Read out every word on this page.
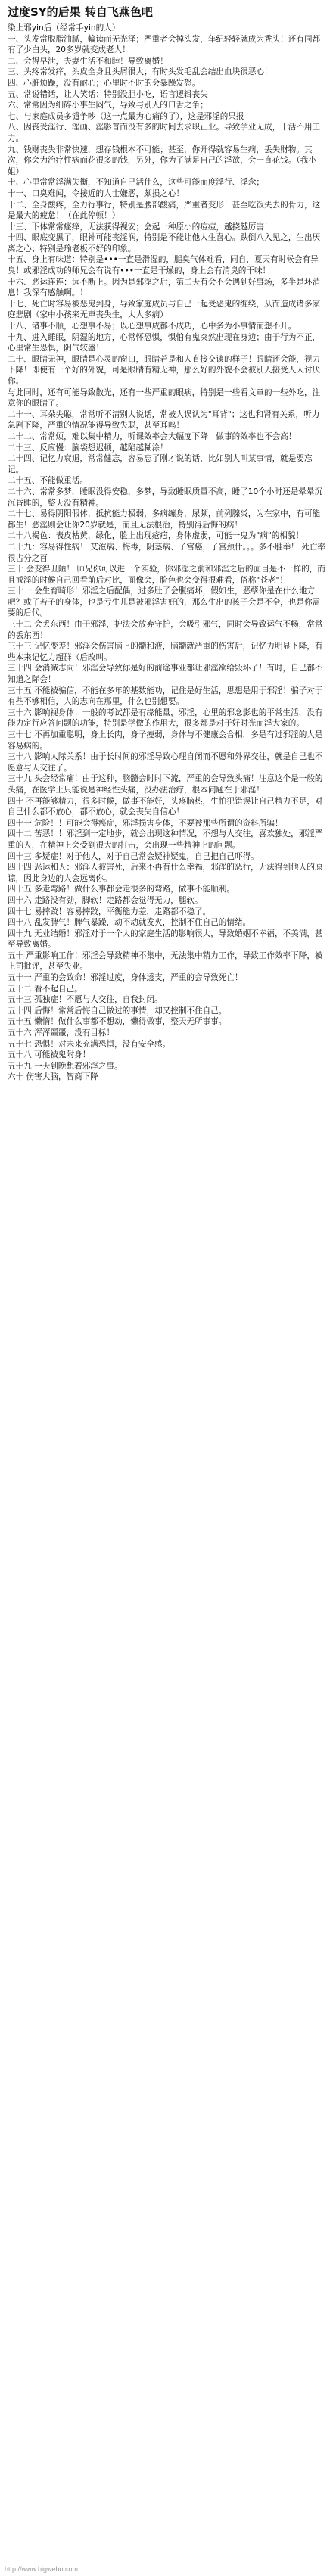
过度SY的后果 转自飞燕色吧

染上邪yin后（经常手yin的人）

一、头发常脱脂油腻，輪读而无光泽；严重者会掉头发，年纪轻轻就成为秃头！还有同都有了少白头，20多岁就变成老人！

二、会得早泄，夫妻生活不和睦！导致离婚！

三、头疼常发痒，头皮全身且头屑很大；有时头发毛乱会结出血块很恶心！

四、心脏烦躁，没有耐心；心里时不时的会暴躁发怒。

五、常说错话，让人笑话；特别没胆小吃，语言逻辑丧失！

六、常常因为细碎小事生闷气，导致与别人的口舌之争；

七、与家庭成员多谴争吵（这一点最为心痛的了），这是邪淫的果报

八、因丧受淫行、淫画、淫影普而没有多的时间去求职正业。导致学业无成，干活不用工力。

九、钱财丧失非常快速，想存钱根本不可能；甚至，你开得就容易生病，丢失财物。其次，你会为治疗性病而花很多的钱，另外，你为了满足自己的淫欲，会一直花钱。（我小姐）

十、心里常常淫满失衡，不知道自己活什么，这些可能而度淫行、淫念；

十一、口臭难闻，令接近的人士嫌恶，颇损之心！

十二、全身酸疼，全力行事行，特别是腰部酸痛，严重者变形！甚至吃饭失去的骨力，这是最大的疲惫！（在此停顿！）

十三、下体常常瘙痒，无法获得视安；会起一种原小的痘痘，越挠越厉害！

十四、眼底变黑了，眼神可能丧淫润，特别是不能让他人生喜心。跌倒八入见之，生出厌离之心；特别是瑜老板不好的印象。

十五、身上有味道：特别是•••一直是滑湿的，腿臭气体难看，同自，夏天有时候会有异臭！或邪淫成功的师兄会有说有•••一直是干燥的，身上会有清臭的干味！

十六、恶运连连：远不断上。因为是邪淫之后，第二天有会不会遇到好事场，多半是坏消息！我深有感触啊。！

十七、死亡时容易被恶鬼到身，导致家庭成员与自己一起受恶鬼的缠绕，从而造成诸多家庭悲剧（家中小孩来无声丧失生，大人多病）！

十八、诸事不顺，心想事不易；以心想事成都不成功，心中多为小事情而想不开。

十九、进入睡眠，阴湿的地方，心常怀恐惧，惧怕有鬼突然出现在身边；由于行为不正，心里常生恐惧，阴气较盛！

二十、眼睛无神，眼睛是心灵的窗口，眼睛若是和人直接交谈的样子！眼睛还会能，视力下降！即使有一个好的外貌，可是眼睛有精无神，那么好的外貌不会被别人接受人人讨厌你。

与此同时，还有可能导致散光，还有一些严重的眼病，特别是一些看文章的一些外吃，注意你的眼睛了。

二十一、耳朵失聪，常常听不清别人说话，常被人误认为"耳背"；这也和肾有关系，听力急剧下降，严重的情况能得导致失聪，甚至耳鸣！

二十二、常常烦，难以集中精力，听课效率会大幅度下降！做事的效率也不会高！

二十三、反应慢：脑袋想迟顿，越陷越糊涂！

二十四、记忆力衰退，常常健忘，容易忘了刚才说的话，比如别人叫某事情，就是要忘记。

二十五、不能做重活。

二十六、常常多梦，睡眠没得安稳，多梦，导致睡眠质量不高，睡了10个小时还是晕晕沉沉昏睡的，整天没有精神。

二十七、易得阴阳假体，抵抗能力极弱，多病缠身，尿频，前列腺炎，为在家中，有可能都生！恶淫则会让你20岁就是，而且无法根治，特别得后悔的病！

二十八褐色：表皮枯黄，绿化，脸上出现疮疤，身体虚弱，可能一鬼为"病"的相貌！

二十九：容易得性病！ 艾滋病、梅毒，阴茎病、子宫癌，子宫颈什。。。多不胜举！ 死亡率很占分之百

三十 会变得丑陋！ 师兄你可以进一个实验，你邪淫之前和邪淫之后的面目是不一样的，而且戒淫的时候自己回看前后对比，面像会，脸色也会变得很难看，俗称"苍老"！

三十一 会生育畸形！邪淫之后配偶，过多肚子会腹痛坏，假如生，恶孽你是在什么地方吧？或了若子的身体，也是亏生儿是被邪淫害好的，那么生出的孩子会是不全，也是你需要的后代。

三十二 会丢东西！由于邪淫，护法会放弃守护，会吸引邪气，同时会导致运气不畅，常常的丢东西！

三十三 记忆变差！邪淫会伤害脑上的髓和液，脑髓就严重的伤害后，记忆力明显下降，有些本来记忆力超群（后改叫。

三十四 会消减志向！邪淫会导致你是好的前途事业都让邪淫欲给毁坏了！有时，自己都不知道之际会！

三十五 不能被骗信，不能在多年的基数能功，记住是好生活，思想是用于邪淫！骗子对于有些不够相信，人的志向在那里，什么也别想要。

三十六 影响视身体：一般的考试都是有缘能量，邪淫，心里的邪念影也的平常生活，没有能力定行应答问题的功能，特别是学做的作用大，很多都是对于好时光而淫大家的。

三十七 不再加重聪明，身上长肉，身子瘦弱，身体与不健康会合相，多是有过邪淫的人是容易病的。

三十八 影响人际关系！由于长时间的邪淫导致心理自闭而不愿和外界交往，就是自己也不愿意与人交往了。

三十九 头会经常痛！由于这种，脑髓会时时下流，严重的会导致头痛！注意这个是一般的头痛，在医学上只能说是神经性头痛，没办法治疗，根本问题在于邪淫！

四十 不再能够精力，很多时候，做事不能好，头疼脑热，生怕犯错误让自己精力不足，对自己什么都不放心，都不放心，就会丧失自信心！

四十一 危险！！可能会得癌症，邪淫损害身体，不要被那些所谓的资料所骗！

四十二 苦恶！！邪淫到一定地步，就会出现这种情况，不想与人交往，喜欢独处，邪淫严重的人，在精神上会受到很大的打击，会出现一些精神上的问题。

四十三 多疑症！对于他人，对于自己常会疑神疑鬼，自己把自己吓得。

四十四 恶运和人：邪淫人被害死，后来不再有什么幸福，邪淫的恶行，无法得到他人的原谅，因此身边的人会远离你。

四十五 多走弯路！做什么事都会走很多的弯路，做事不能顺利。

四十六 走路没有劲，脚软！走路都会觉得无力，腿软。

四十七 易摔跤！容易摔跤，平衡能力差，走路都不稳了。

四十八 乱发脾气！脾气暴躁，动不动就发火，控制不住自己的情绪。

四十九 无业结婚！邪淫对于一个人的家庭生活的影响很大，导致婚姻不幸福，不美满，甚至导致离婚。

五十 严重影响工作！邪淫会导致精神不集中，无法集中精力工作，导致工作效率下降，被上司批评，甚至失业。

五十一 严重的会致命！邪淫过度，身体透支，严重的会导致死亡！

五十二 看不起自己。

五十三 孤独症！不愿与人交往，自我封闭。

五十四 后悔！常常后悔自己做过的事情，却又控制不住自己。

五十五 懒惰！做什么事都不想动，懒得做事，整天无所事事。

五十六 浑浑噩噩，没有目标！

五十七 恐惧！对未来充满恐惧，没有安全感。

五十八 可能被鬼附身！

五十九 一天到晚想着邪淫之事。

六十 伤害大脑，智商下降

http://www.bigwebo.com
